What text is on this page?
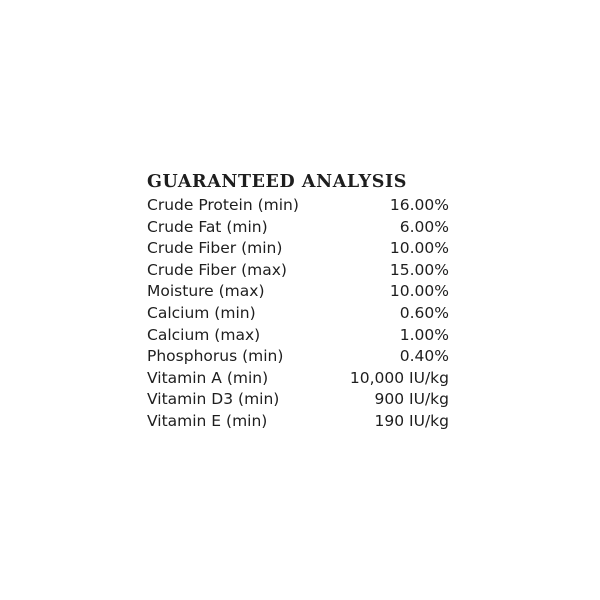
GUARANTEED ANALYSIS
Crude Protein (min)	16.00%
Crude Fat (min)	6.00%
Crude Fiber (min)	10.00%
Crude Fiber (max)	15.00%
Moisture (max)	10.00%
Calcium (min)	0.60%
Calcium (max)	1.00%
Phosphorus (min)	0.40%
Vitamin A (min)	10,000 IU/kg
Vitamin D3 (min)	900 IU/kg
Vitamin E (min)	190 IU/kg
